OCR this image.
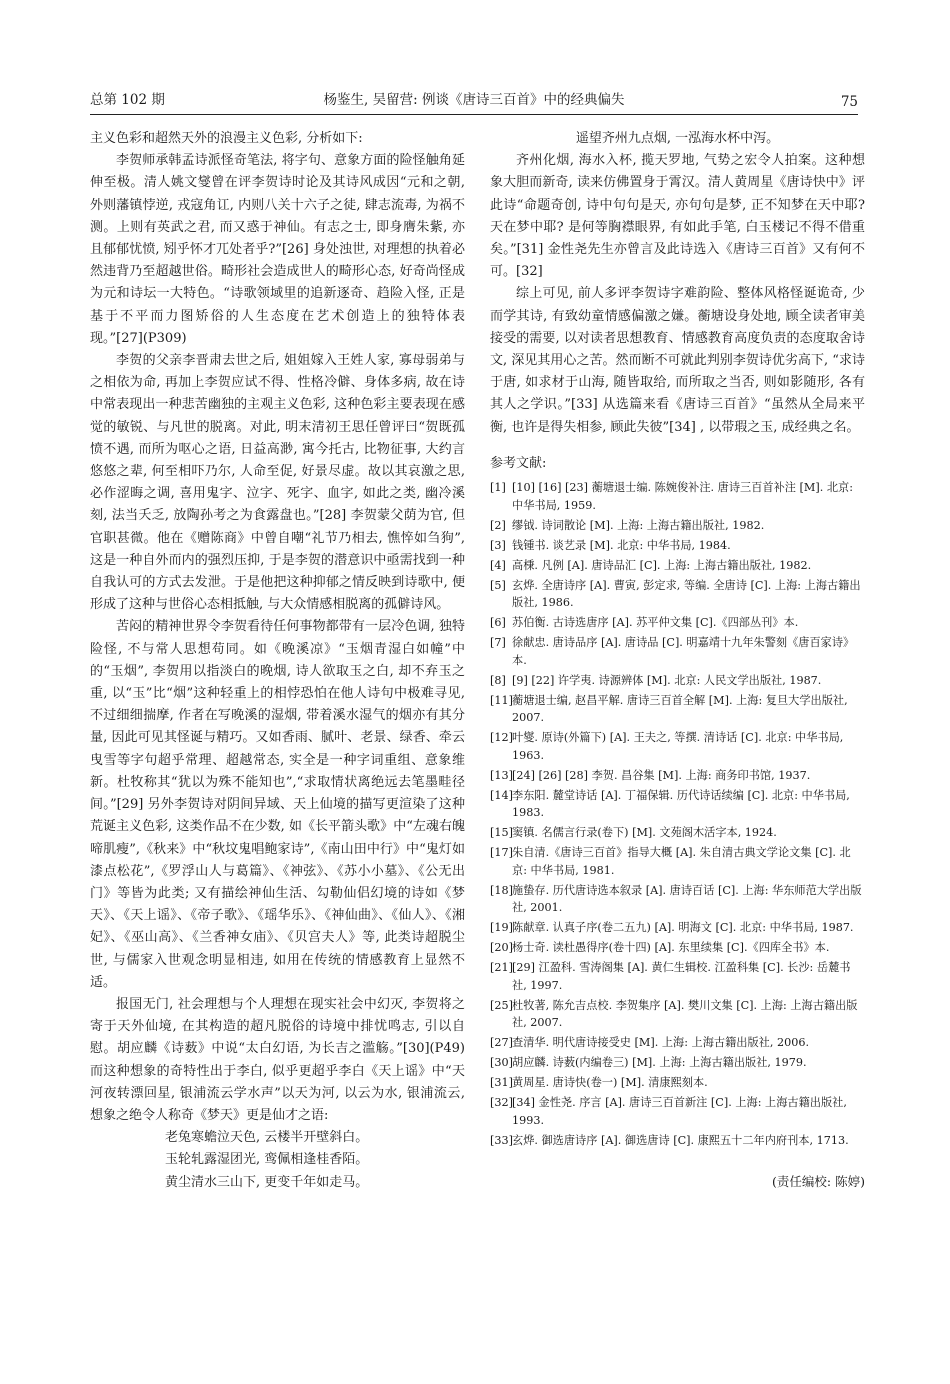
总第 102 期	杨鉴生, 吴留营: 例谈《唐诗三百首》中的经典偏失	75

主义色彩和超然天外的浪漫主义色彩, 分析如下:

李贺师承韩孟诗派怪奇笔法, 将字句、意象方面的险怪触角延伸至极。清人姚文燮曾在评李贺诗时论及其诗风成因“元和之朝, 外则藩镇悖逆, 戎寇角讧, 内则八关十六子之徒, 肆志流毒, 为祸不测。上则有英武之君, 而又惑于神仙。有志之士, 即身膺朱紫, 亦且郁郁忧愤, 矧乎怀才兀处者乎?”[26] 身处浊世, 对理想的执着必然违背乃至超越世俗。畸形社会造成世人的畸形心态, 好奇尚怪成为元和诗坛一大特色。“诗歌领域里的追新逐奇、趋险入怪, 正是基于不平而力图矫俗的人生态度在艺术创造上的独特体表现。”[27](P309)

李贺的父亲李晋肃去世之后, 姐姐嫁入王姓人家, 寡母弱弟与之相依为命, 再加上李贺应试不得、性格冷僻、身体多病, 故在诗中常表现出一种悲苦幽独的主观主义色彩, 这种色彩主要表现在感觉的敏锐、与凡世的脱离。对此, 明末清初王思任曾评曰“贺既孤愤不遇, 而所为呕心之语, 日益高渺, 寓今托古, 比物征事, 大约言悠悠之辈, 何至相吓乃尔, 人命至促, 好景尽虚。故以其哀激之思, 必作涩晦之调, 喜用鬼字、泣字、死字、血字, 如此之类, 幽冷溪刻, 法当夭乏, 放陶孙考之为食露盘也。”[28] 李贺蒙父荫为官, 但官职甚微。他在《赠陈商》中曾自嘲“礼节乃相去, 憔悴如刍狗”, 这是一种自外而内的强烈压抑, 于是李贺的潜意识中亟需找到一种自我认可的方式去发泄。于是他把这种抑郁之情反映到诗歌中, 便形成了这种与世俗心态相抵触, 与大众情感相脱离的孤僻诗风。

苦闷的精神世界令李贺看待任何事物都带有一层冷色调, 独特险怪, 不与常人思想苟同。如《晚溪凉》“玉烟青湿白如幢”中的“玉烟”, 李贺用以指淡白的晚烟, 诗人欲取玉之白, 却不弃玉之重, 以“玉”比“烟”这种轻重上的相悖恐怕在他人诗句中极难寻见, 不过细细揣摩, 作者在写晚溪的湿烟, 带着溪水湿气的烟亦有其分量, 因此可见其怪诞与精巧。又如香雨、腻叶、老景、绿香、牵云曳雪等字句超乎常理、超越常态, 实全是一种字词重组、意象维新。杜牧称其“犹以为殊不能知也”,“求取情状离绝远去笔墨畦径间。”[29] 另外李贺诗对阴间异域、天上仙境的描写更渲染了这种荒诞主义色彩, 这类作品不在少数, 如《长平箭头歌》中“左魂右魄啼肌瘦”,《秋来》中“秋坟鬼唱鲍家诗”,《南山田中行》中“鬼灯如漆点松花”,《罗浮山人与葛篇》、《神弦》、《苏小小墓》、《公无出门》等皆为此类; 又有描绘神仙生活、勾勒仙侣幻境的诗如《梦天》、《天上谣》、《帝子歌》、《瑶华乐》、《神仙曲》、《仙人》、《湘妃》、《巫山高》、《兰香神女庙》、《贝宫夫人》等, 此类诗超脱尘世, 与儒家入世观念明显相违, 如用在传统的情感教育上显然不适。

报国无门, 社会理想与个人理想在现实社会中幻灭, 李贺将之寄于天外仙境, 在其构造的超凡脱俗的诗境中排忧鸣志, 引以自慰。胡应麟《诗薮》中说“太白幻语, 为长吉之滥觞。”[30](P49) 而这种想象的奇特性出于李白, 似乎更超乎李白《天上谣》中“天河夜转漂回星, 银浦流云学水声”以天为河, 以云为水, 银浦流云, 想象之绝令人称奇《梦天》更是仙才之语:

老兔寒蟾泣天色, 云楼半开壁斜白。

玉轮轧露湿团光, 鸾佩相逢桂香陌。

黄尘清水三山下, 更变千年如走马。

遥望齐州九点烟, 一泓海水杯中泻。

齐州化烟, 海水入杯, 揽天罗地, 气势之宏令人拍案。这种想象大胆而新奇, 读来仿佛置身于霄汉。清人黄周星《唐诗快中》评此诗“命题奇创, 诗中句句是天, 亦句句是梦, 正不知梦在天中耶? 天在梦中耶? 是何等胸襟眼界, 有如此手笔, 白玉楼记不得不借重矣。”[31] 金性尧先生亦曾言及此诗选入《唐诗三百首》又有何不可。[32]

综上可见, 前人多评李贺诗字难韵险、整体风格怪诞诡奇, 少而学其诗, 有致幼童情感偏激之嫌。蘅塘设身处地, 顾全读者审美接受的需要, 以对读者思想教育、情感教育高度负责的态度取舍诗文, 深见其用心之苦。然而断不可就此判别李贺诗优劣高下, “求诗于唐, 如求材于山海, 随皆取给, 而所取之当否, 则如影随形, 各有其人之学识。”[33] 从选篇来看《唐诗三百首》“虽然从全局来平衡, 也许是得失相参, 顾此失彼”[34] , 以带瑕之玉, 成经典之名。

参考文献:

[1] [10] [16] [23] 蘅塘退士编. 陈婉俊补注. 唐诗三百首补注 [M]. 北京: 中华书局, 1959.
[2] 缪钺. 诗词散论 [M]. 上海: 上海古籍出版社, 1982.
[3] 钱锺书. 谈艺录 [M]. 北京: 中华书局, 1984.
[4] 高棅. 凡例 [A]. 唐诗品汇 [C]. 上海: 上海古籍出版社, 1982.
[5] 玄烨. 全唐诗序 [A]. 曹寅, 彭定求, 等编. 全唐诗 [C]. 上海: 上海古籍出版社, 1986.
[6] 苏伯衡. 古诗选唐序 [A]. 苏平仲文集 [C].《四部丛刊》本.
[7] 徐献忠. 唐诗品序 [A]. 唐诗品 [C]. 明嘉靖十九年朱警刻《唐百家诗》本.
[8] [9] [22] 许学夷. 诗源辨体 [M]. 北京: 人民文学出版社, 1987.
[11] 蘅塘退士编, 赵昌平解. 唐诗三百首全解 [M]. 上海: 复旦大学出版社, 2007.
[12] 叶燮. 原诗(外篇下) [A]. 王夫之, 等撰. 清诗话 [C]. 北京: 中华书局, 1963.
[13] [24] [26] [28] 李贺. 昌谷集 [M]. 上海: 商务印书馆, 1937.
[14] 李东阳. 麓堂诗话 [A]. 丁福保辑. 历代诗话续编 [C]. 北京: 中华书局, 1983.
[15] 窦镇. 名儒言行录(卷下) [M]. 文苑阁木活字本, 1924.
[17] 朱自清.《唐诗三百首》指导大概 [A]. 朱自清古典文学论文集 [C]. 北京: 中华书局, 1981.
[18] 施蛰存. 历代唐诗选本叙录 [A]. 唐诗百话 [C]. 上海: 华东师范大学出版社, 2001.
[19] 陈献章. 认真子序(卷二五九) [A]. 明海文 [C]. 北京: 中华书局, 1987.
[20] 杨士奇. 读杜愚得序(卷十四) [A]. 东里续集 [C].《四库全书》本.
[21] [29] 江盈科. 雪涛阁集 [A]. 黄仁生辑校. 江盈科集 [C]. 长沙: 岳麓书社, 1997.
[25] 杜牧著, 陈允吉点校. 李贺集序 [A]. 樊川文集 [C]. 上海: 上海古籍出版社, 2007.
[27] 查清华. 明代唐诗接受史 [M]. 上海: 上海古籍出版社, 2006.
[30] 胡应麟. 诗薮(内编卷三) [M]. 上海: 上海古籍出版社, 1979.
[31] 黄周星. 唐诗快(卷一) [M]. 清康熙刻本.
[32] [34] 金性尧. 序言 [A]. 唐诗三百首新注 [C]. 上海: 上海古籍出版社, 1993.
[33] 玄烨. 御选唐诗序 [A]. 御选唐诗 [C]. 康熙五十二年内府刊本, 1713.

(责任编校: 陈婷)
